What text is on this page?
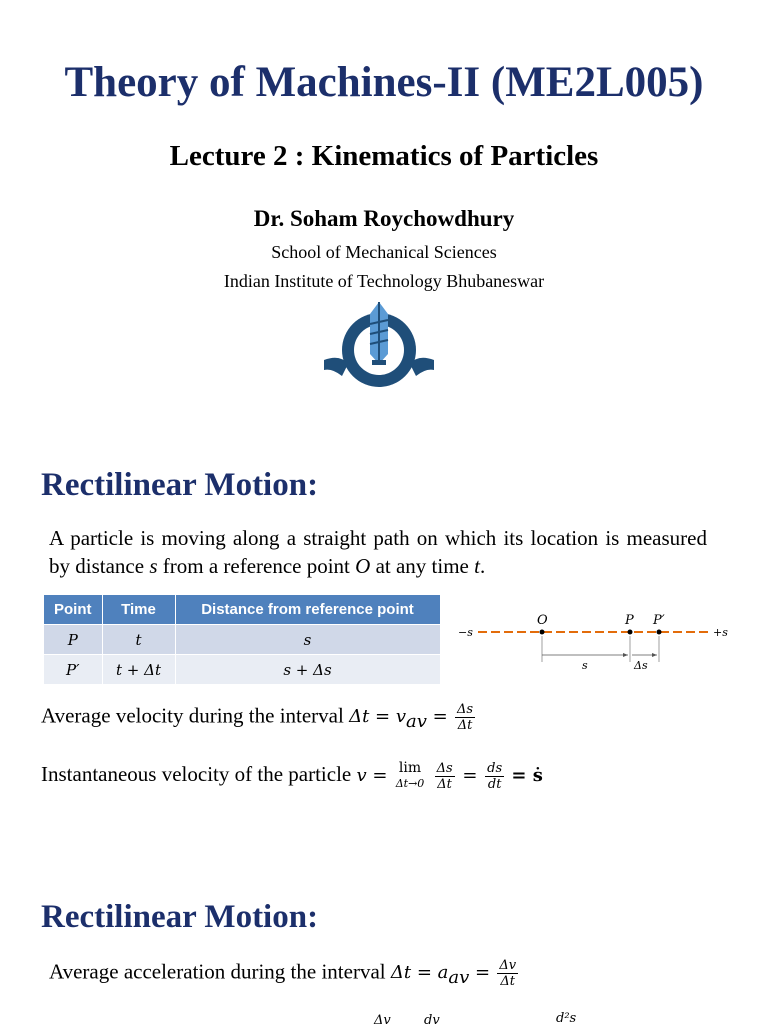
Theory of Machines-II (ME2L005)
Lecture 2 : Kinematics of Particles
Dr. Soham Roychowdhury
School of Mechanical Sciences
Indian Institute of Technology Bhubaneswar
Rectilinear Motion:
A particle is moving along a straight path on which its location is measured by distance s from a reference point O at any time t.
Point	Time	Distance from reference point
P	t	s
P′	t + Δt	s + Δs
−s	+s
O	P P′
s	Δs
Average velocity during the interval $\Delta t = v_{av} = \frac{\Delta s}{\Delta t}$
Instantaneous velocity of the particle v = lim
Δt→0
$\frac{\Delta s}{\Delta t} = \frac{ds}{dt}$ = ṡ
Rectilinear Motion:
Average acceleration during the interval $\Delta t = a_{av} = \frac{\Delta v}{\Delta t}$
Δv	dv	d²s
